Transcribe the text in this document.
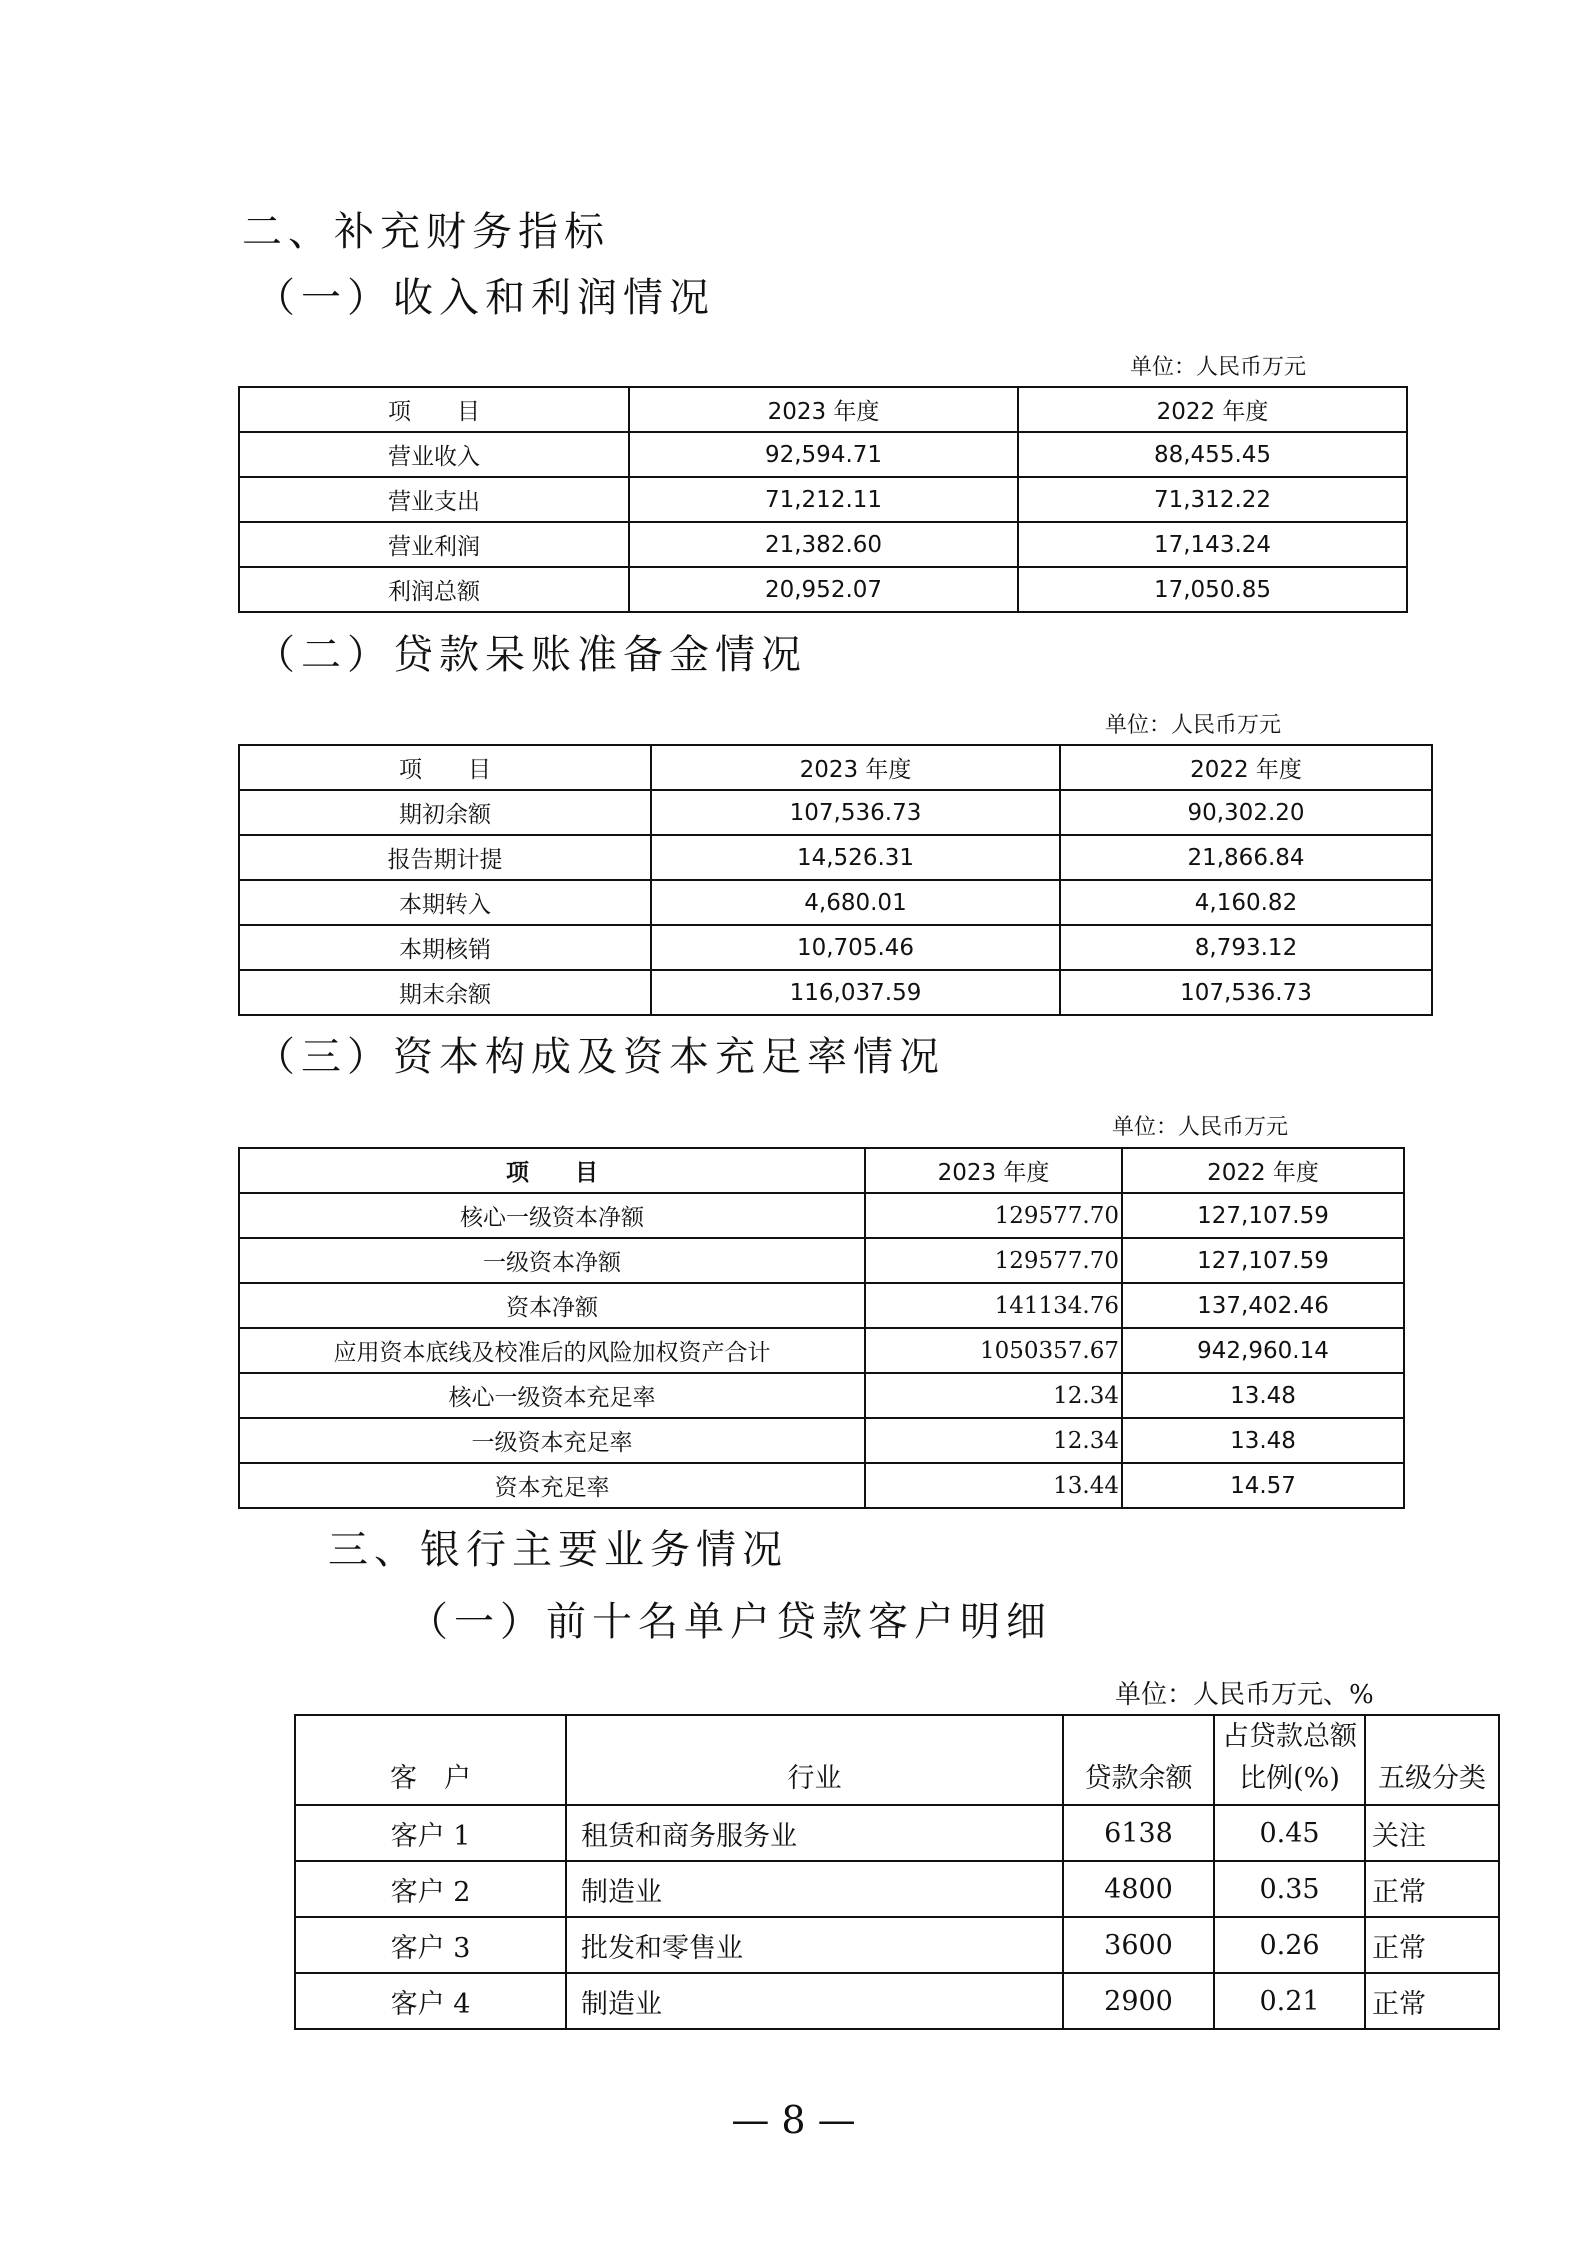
二、补充财务指标
（一）收入和利润情况
单位：人民币万元
项　　目	2023 年度	2022 年度
营业收入	92,594.71	88,455.45
营业支出	71,212.11	71,312.22
营业利润	21,382.60	17,143.24
利润总额	20,952.07	17,050.85
（二）贷款呆账准备金情况
单位：人民币万元
项　　目	2023 年度	2022 年度
期初余额	107,536.73	90,302.20
报告期计提	14,526.31	21,866.84
本期转入	4,680.01	4,160.82
本期核销	10,705.46	8,793.12
期末余额	116,037.59	107,536.73
（三）资本构成及资本充足率情况
单位：人民币万元
项　　目	2023 年度	2022 年度
核心一级资本净额	129577.70	127,107.59
一级资本净额	129577.70	127,107.59
资本净额	141134.76	137,402.46
应用资本底线及校准后的风险加权资产合计	1050357.67	942,960.14
核心一级资本充足率	12.34	13.48
一级资本充足率	12.34	13.48
资本充足率	13.44	14.57
三、银行主要业务情况
（一）前十名单户贷款客户明细
单位：人民币万元、%
客　户	行业	贷款余额	占贷款总额比例(%)	五级分类
客户 1	租赁和商务服务业	6138	0.45	关注
客户 2	制造业	4800	0.35	正常
客户 3	批发和零售业	3600	0.26	正常
客户 4	制造业	2900	0.21	正常
— 8 —
